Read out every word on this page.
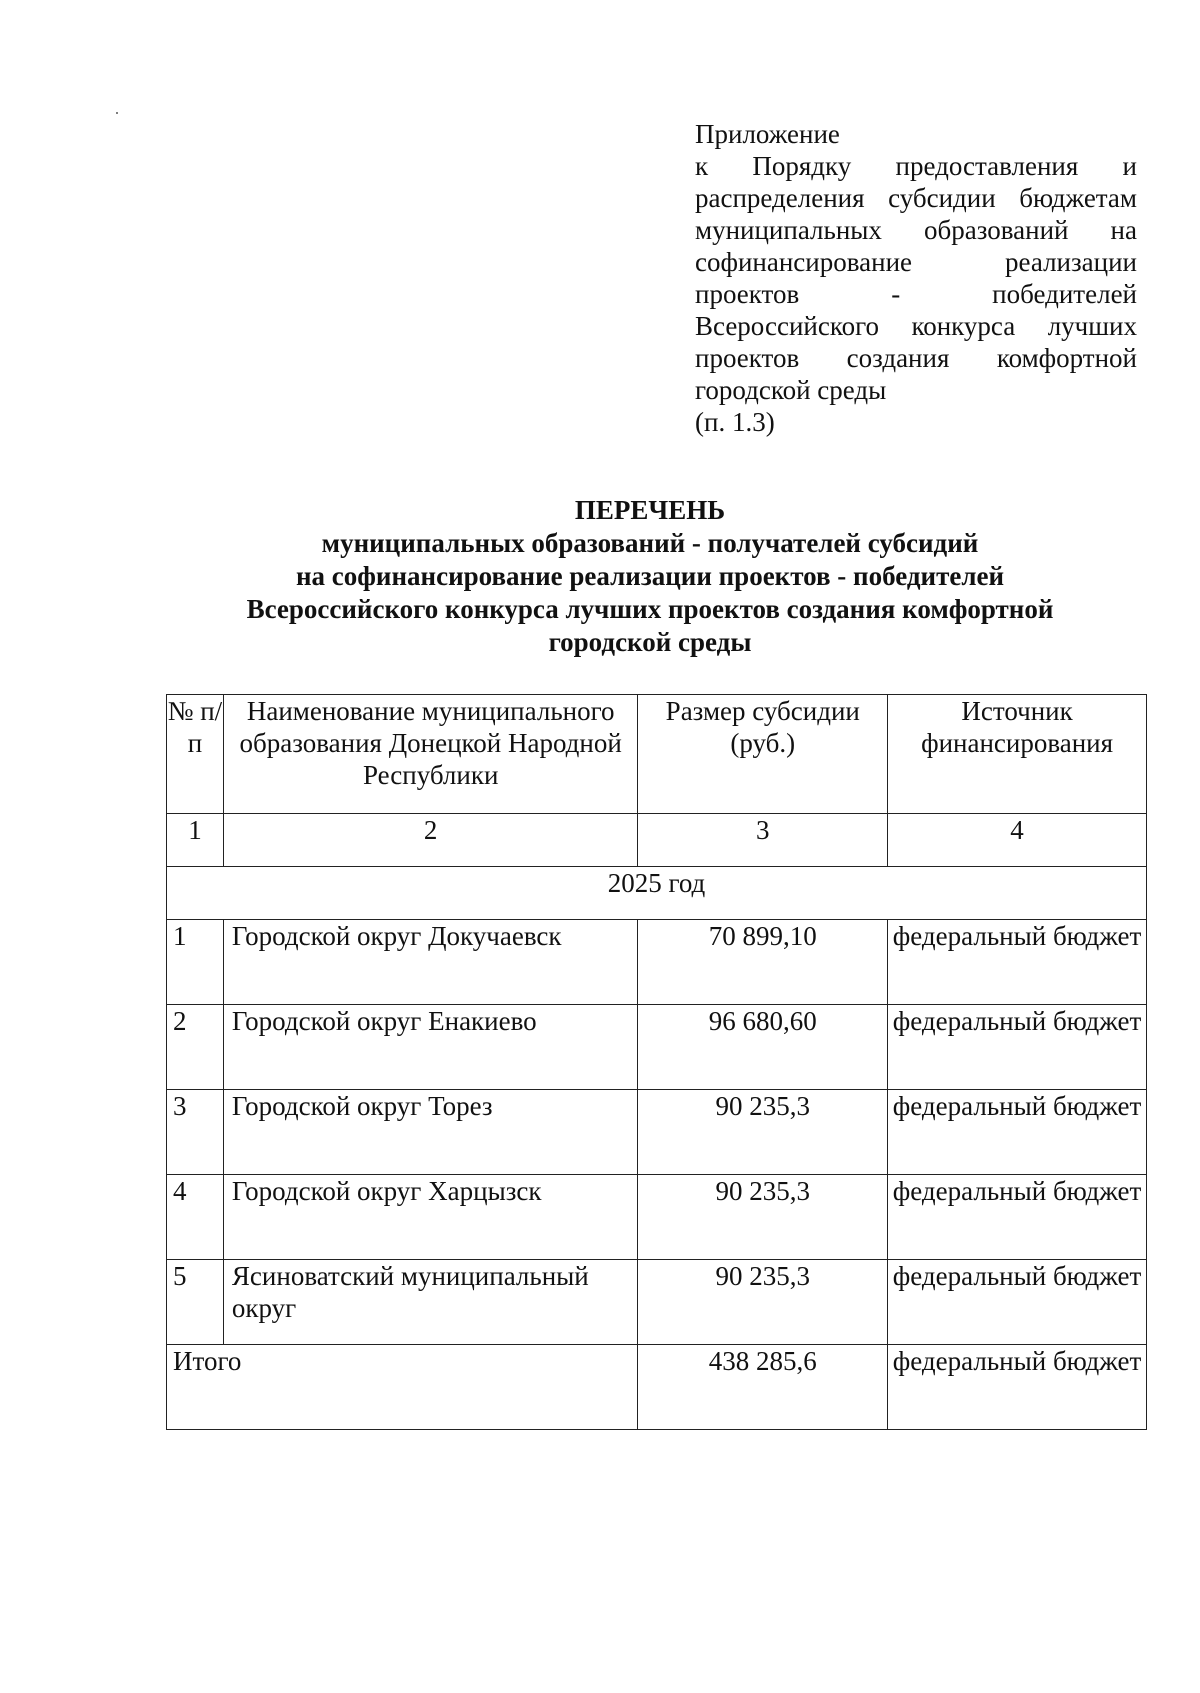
Приложение
к Порядку предоставления и
распределения субсидии бюджетам
муниципальных образований на
софинансирование реализации
проектов - победителей
Всероссийского конкурса лучших
проектов создания комфортной
городской среды
(п. 1.3)
ПЕРЕЧЕНЬ
муниципальных образований - получателей субсидий
на софинансирование реализации проектов - победителей
Всероссийского конкурса лучших проектов создания комфортной
городской среды
№ п/п	Наименование муниципального образования Донецкой Народной Республики	Размер субсидии (руб.)	Источник финансирования
1	2	3	4
2025 год			
1	Городской округ Докучаевск	70 899,10	федеральный бюджет
2	Городской округ Енакиево	96 680,60	федеральный бюджет
3	Городской округ Торез	90 235,3	федеральный бюджет
4	Городской округ Харцызск	90 235,3	федеральный бюджет
5	Ясиноватский муниципальный округ	90 235,3	федеральный бюджет
Итого		438 285,6	федеральный бюджет
